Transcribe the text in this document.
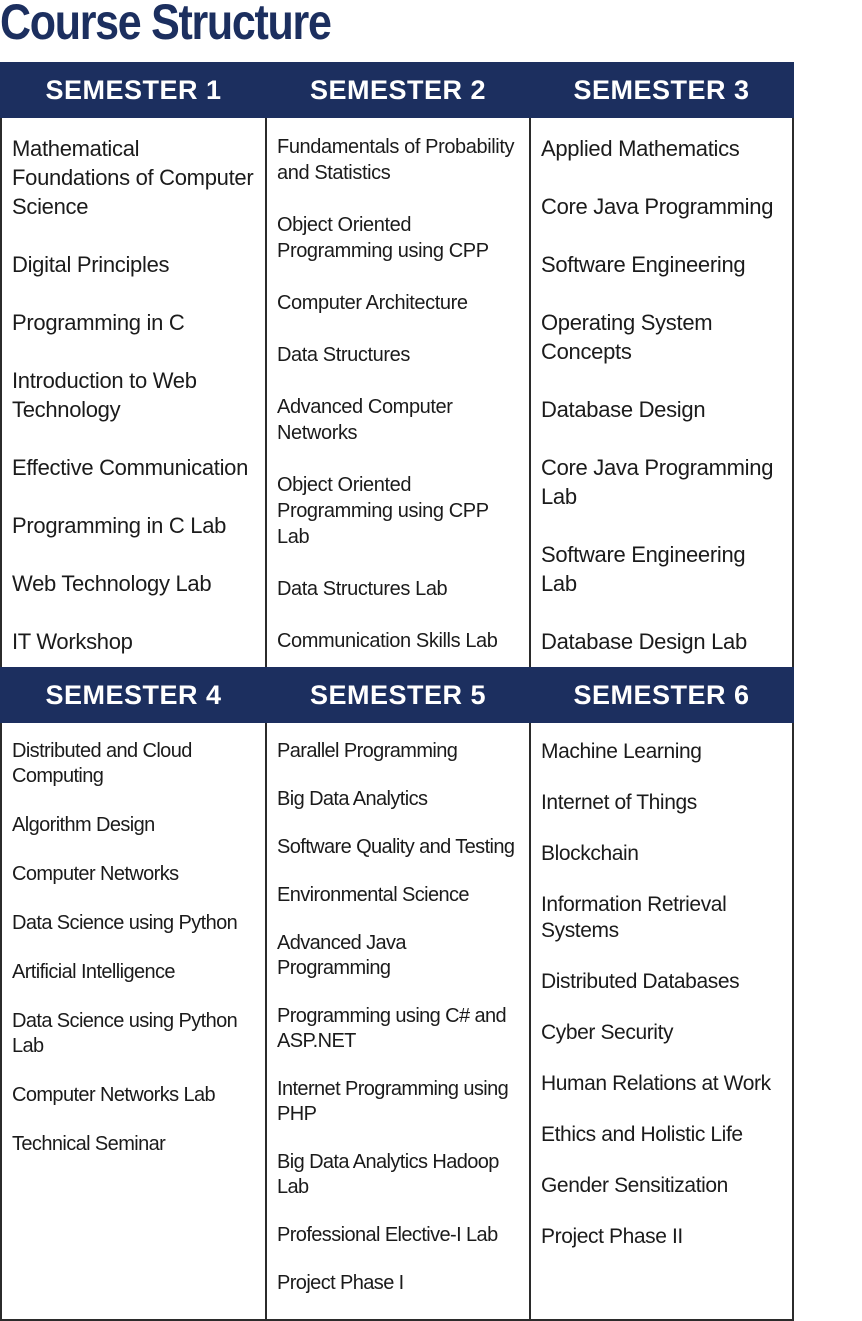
Course Structure
SEMESTER 1
Mathematical Foundations of Computer Science
Digital Principles
Programming in C
Introduction to Web Technology
Effective Communication
Programming in C Lab
Web Technology Lab
IT Workshop
SEMESTER 2
Fundamentals of Probability and Statistics
Object Oriented Programming using CPP
Computer Architecture
Data Structures
Advanced Computer Networks
Object Oriented Programming using CPP Lab
Data Structures Lab
Communication Skills Lab
SEMESTER 3
Applied Mathematics
Core Java Programming
Software Engineering
Operating System Concepts
Database Design
Core Java Programming Lab
Software Engineering Lab
Database Design Lab
SEMESTER 4
Distributed and Cloud Computing
Algorithm Design
Computer Networks
Data Science using Python
Artificial Intelligence
Data Science using Python Lab
Computer Networks Lab
Technical Seminar
SEMESTER 5
Parallel Programming
Big Data Analytics
Software Quality and Testing
Environmental Science
Advanced Java Programming
Programming using C# and ASP.NET
Internet Programming using PHP
Big Data Analytics Hadoop Lab
Professional Elective-I Lab
Project Phase I
SEMESTER 6
Machine Learning
Internet of Things
Blockchain
Information Retrieval Systems
Distributed Databases
Cyber Security
Human Relations at Work
Ethics and Holistic Life
Gender Sensitization
Project Phase II
